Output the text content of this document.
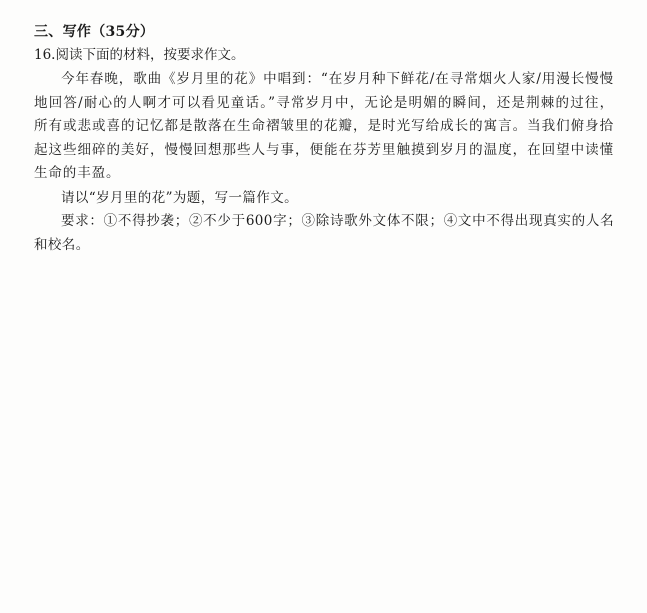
三、写作（35分）
16.阅读下面的材料，按要求作文。

今年春晚，歌曲《岁月里的花》中唱到：“在岁月种下鲜花/在寻常烟火人家/用漫长慢慢地回答/耐心的人啊才可以看见童话。”寻常岁月中，无论是明媚的瞬间，还是荆棘的过往，所有或悲或喜的记忆都是散落在生命褶皱里的花瓣，是时光写给成长的寓言。当我们俯身拾起这些细碎的美好，慢慢回想那些人与事，便能在芬芳里触摸到岁月的温度，在回望中读懂生命的丰盈。

请以“岁月里的花”为题，写一篇作文。

要求：①不得抄袭；②不少于600字；③除诗歌外文体不限；④文中不得出现真实的人名和校名。
